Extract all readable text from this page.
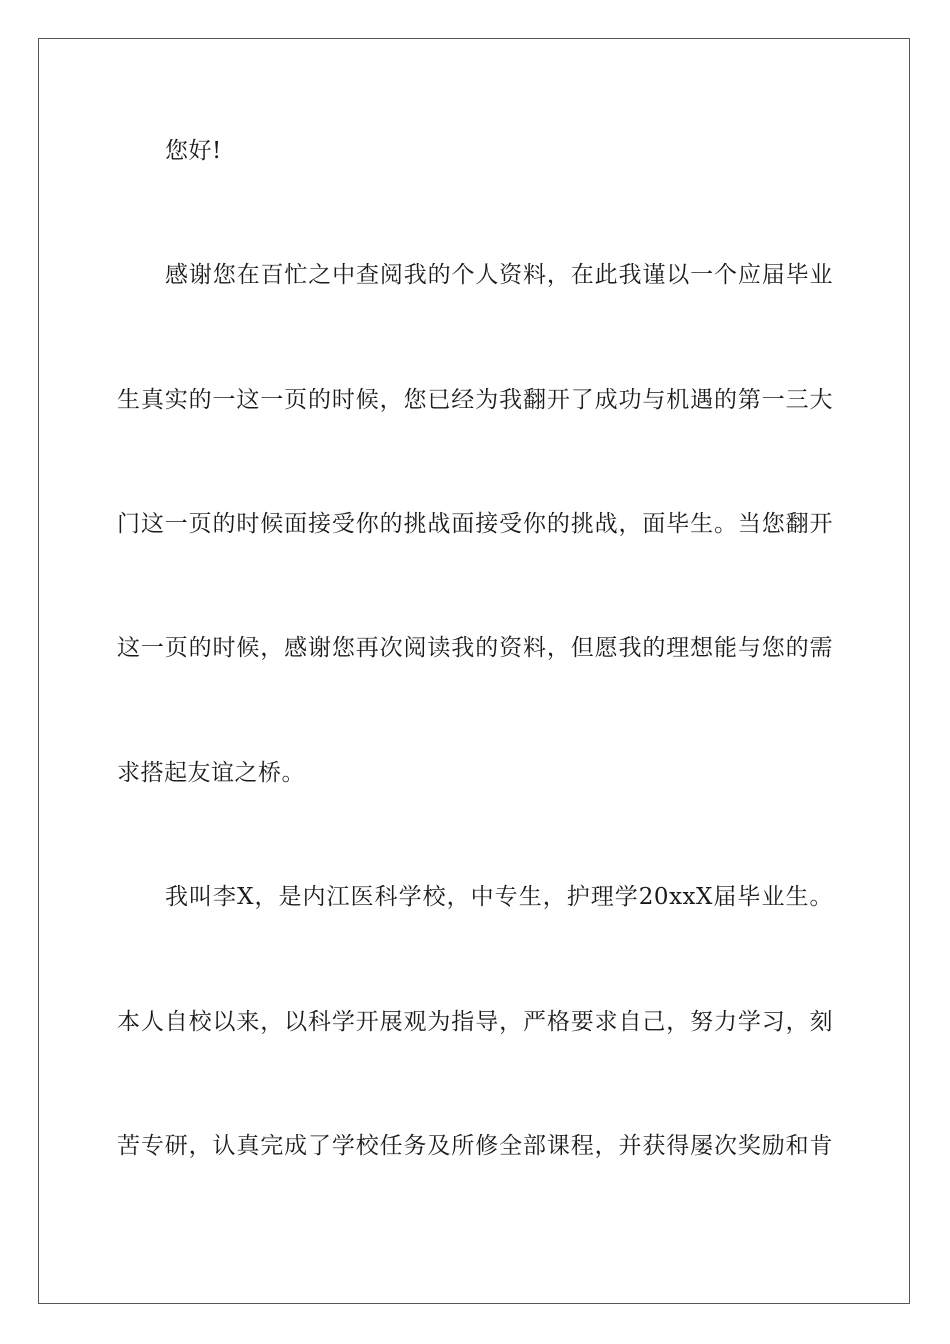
您好!
感谢您在百忙之中查阅我的个人资料，在此我谨以一个应届毕业
生真实的一这一页的时候，您已经为我翻开了成功与机遇的第一三大
门这一页的时候面接受你的挑战面接受你的挑战，面毕生。当您翻开
这一页的时候，感谢您再次阅读我的资料，但愿我的理想能与您的需
求搭起友谊之桥。
我叫李X，是内江医科学校，中专生，护理学20xxX届毕业生。
本人自校以来，以科学开展观为指导，严格要求自己，努力学习，刻
苦专研，认真完成了学校任务及所修全部课程，并获得屡次奖励和肯
